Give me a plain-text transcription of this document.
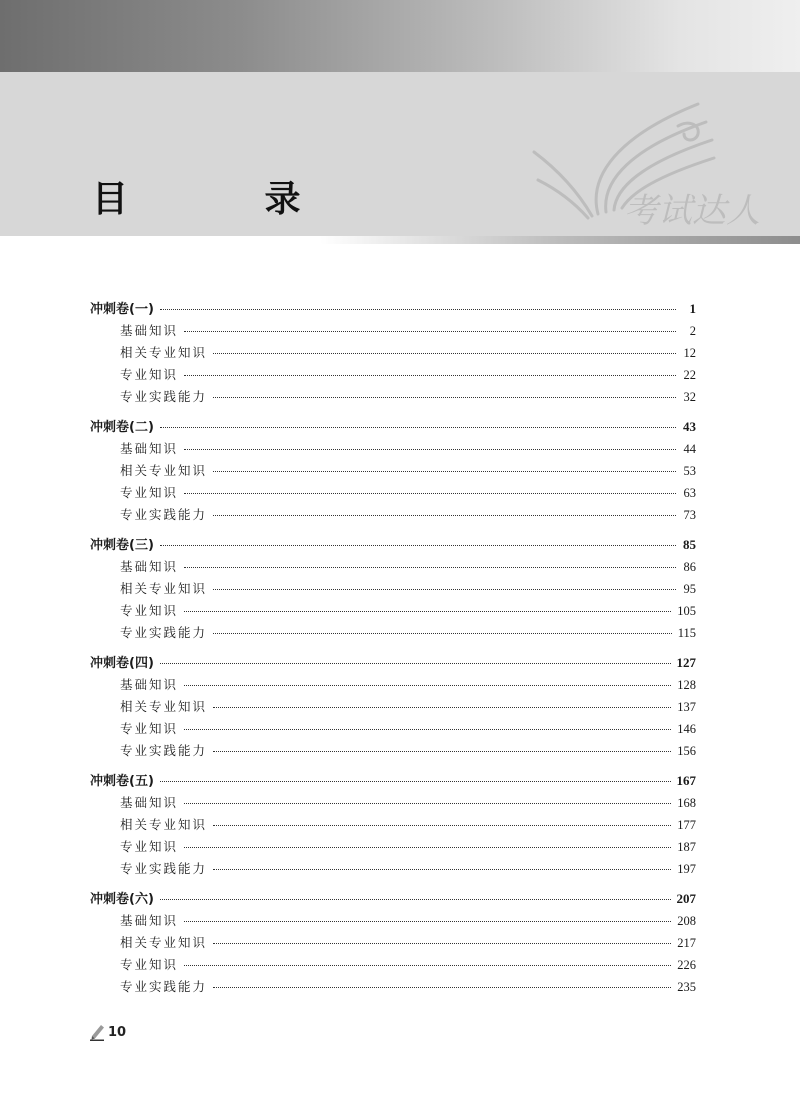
目 录	考试达人
冲刺卷(一)	1
基础知识	2
相关专业知识	12
专业知识	22
专业实践能力	32
冲刺卷(二)	43
基础知识	44
相关专业知识	53
专业知识	63
专业实践能力	73
冲刺卷(三)	85
基础知识	86
相关专业知识	95
专业知识	105
专业实践能力	115
冲刺卷(四)	127
基础知识	128
相关专业知识	137
专业知识	146
专业实践能力	156
冲刺卷(五)	167
基础知识	168
相关专业知识	177
专业知识	187
专业实践能力	197
冲刺卷(六)	207
基础知识	208
相关专业知识	217
专业知识	226
专业实践能力	235
10
